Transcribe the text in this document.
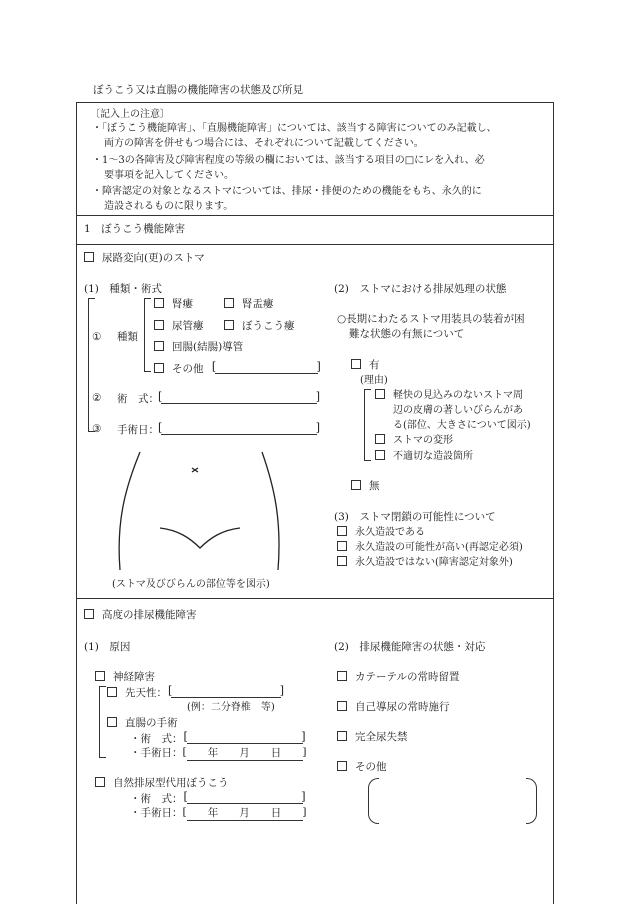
ぼうこう又は直腸の機能障害の状態及び所見
〔記入上の注意〕
・「ぼうこう機能障害」、「直腸機能障害」については、該当する障害についてのみ記載し、
両方の障害を併せもつ場合には、それぞれについて記載してください。
・1～3の各障害及び障害程度の等級の欄においては、該当する項目の□にレを入れ、必
要事項を記入してください。
・障害認定の対象となるストマについては、排尿・排便のための機能をもち、永久的に
造設されるものに限ります。
1　ぼうこう機能障害
尿路変向(更)のストマ
(1)　種類・術式
① 種類
腎瘻	腎盂瘻
尿管瘻	ぼうこう瘻
回腸(結腸)導管
その他 [ ]
② 術　式：[ ]
③ 手術日：[ ]
(ストマ及びびらんの部位等を図示)
(2)　ストマにおける排尿処理の状態
○長期にわたるストマ用装具の装着が困
難な状態の有無について
有
(理由)
軽快の見込みのないストマ周
辺の皮膚の著しいびらんがあ
る(部位、大きさについて図示)
ストマの変形
不適切な造設箇所
無
(3)　ストマ閉鎖の可能性について
永久造設である
永久造設の可能性が高い(再認定必須)
永久造設ではない(障害認定対象外)
高度の排尿機能障害
(1)　原因
神経障害
先天性：[ ]
(例：二分脊椎　等)
直腸の手術
・術　式：[ ]
・手術日： [ 年　　月　　日 ]
自然排尿型代用ぼうこう
・術　式：[ ]
・手術日： [ 年　　月　　日 ]
(2)　排尿機能障害の状態・対応
カテーテルの常時留置
自己導尿の常時施行
完全尿失禁
その他
